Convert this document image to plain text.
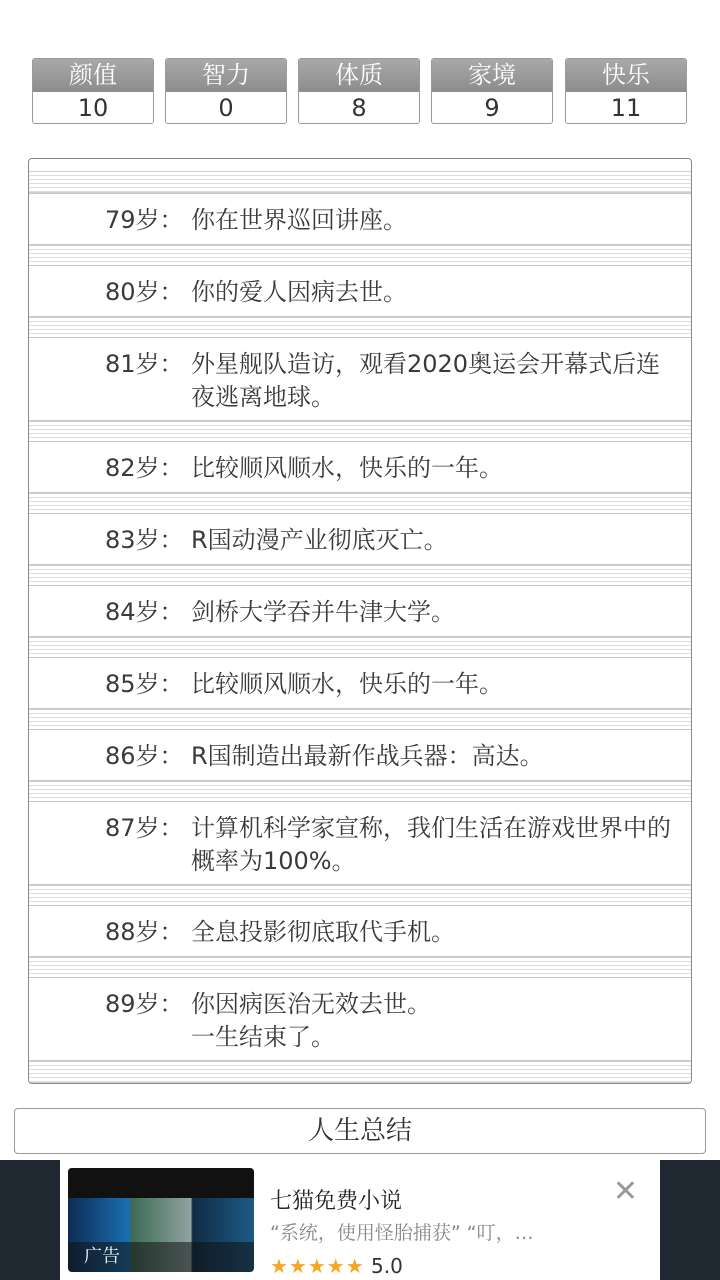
颜值
10
智力
0
体质
8
家境
9
快乐
11
79岁： 你在世界巡回讲座。
80岁： 你的爱人因病去世。
81岁： 外星舰队造访，观看2020奥运会开幕式后连夜逃离地球。
82岁： 比较顺风顺水，快乐的一年。
83岁： R国动漫产业彻底灭亡。
84岁： 剑桥大学吞并牛津大学。
85岁： 比较顺风顺水，快乐的一年。
86岁： R国制造出最新作战兵器：高达。
87岁： 计算机科学家宣称，我们生活在游戏世界中的概率为100%。
88岁： 全息投影彻底取代手机。
89岁： 你因病医治无效去世。
一生结束了。
人生总结
广告
七猫免费小说
“系统，使用怪胎捕获” “叮，…
✕
★★★★★ 5.0
